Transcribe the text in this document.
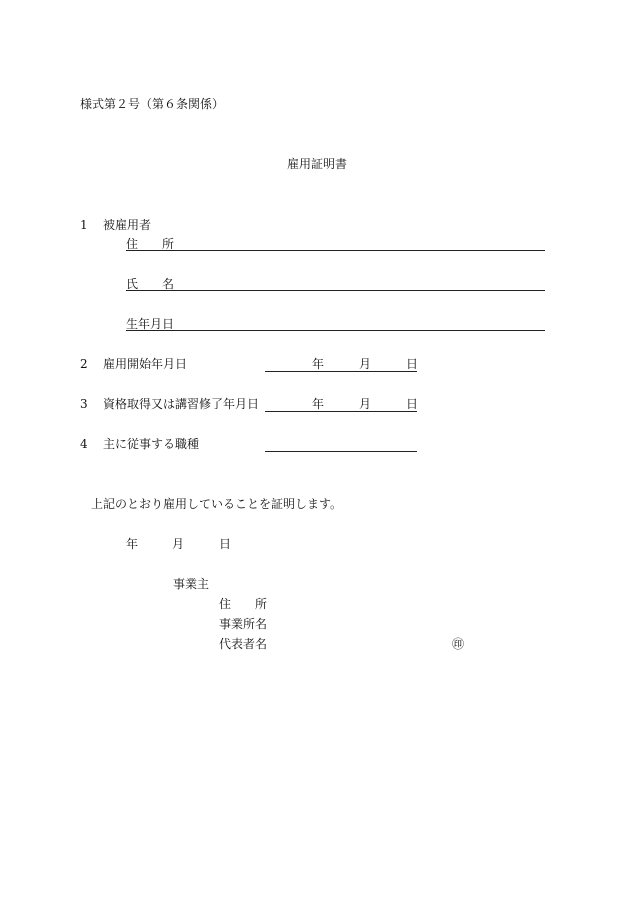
様式第２号（第６条関係）
雇用証明書
1 被雇用者
住　　所
氏　　名
生年月日
2 雇用開始年月日	年	月	日
3 資格取得又は講習修了年月日	年	月	日
4 主に従事する職種
上記のとおり雇用していることを証明します。
年	月	日
事業主
住　　所
事業所名
代表者名	㊞
